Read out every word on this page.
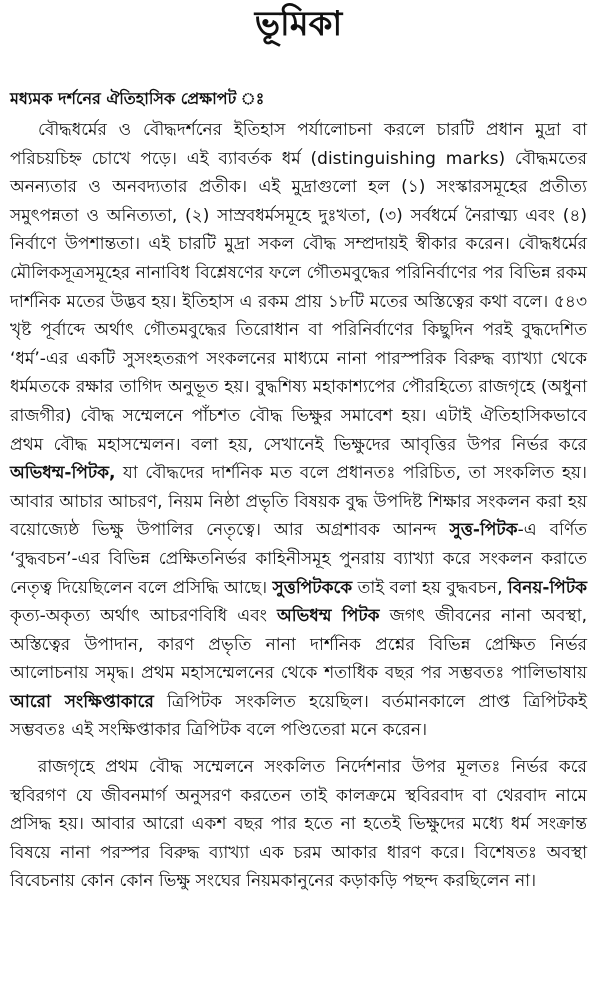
ভূমিকা
মধ্যমক দর্শনের ঐতিহাসিক প্রেক্ষাপট ঃ

বৌদ্ধধর্মের ও বৌদ্ধদর্শনের ইতিহাস পর্যালোচনা করলে চারটি প্রধান মুদ্রা বা পরিচয়চিহ্ন চোখে পড়ে। এই ব্যাবর্তক ধর্ম (distinguishing marks) বৌদ্ধমতের অনন্যতার ও অনবদ্যতার প্রতীক। এই মুদ্রাগুলো হল (১) সংস্কারসমূহের প্রতীত্য সমুৎপন্নতা ও অনিত্যতা, (২) সাস্রবধর্মসমূহে দুঃখতা, (৩) সর্বধর্মে নৈরাত্ম্য এবং (৪) নির্বাণে উপশান্ততা। এই চারটি মুদ্রা সকল বৌদ্ধ সম্প্রদায়ই স্বীকার করেন। বৌদ্ধধর্মের মৌলিকসূত্রসমূহের নানাবিধ বিশ্লেষণের ফলে গৌতমবুদ্ধের পরিনির্বাণের পর বিভিন্ন রকম দার্শনিক মতের উদ্ভব হয়। ইতিহাস এ রকম প্রায় ১৮টি মতের অস্তিত্বের কথা বলে। ৫৪৩ খৃষ্ট পূর্বাব্দে অর্থাৎ গৌতমবুদ্ধের তিরোধান বা পরিনির্বাণের কিছুদিন পরই বুদ্ধদেশিত ‘ধর্ম’-এর একটি সুসংহতরূপ সংকলনের মাধ্যমে নানা পারস্পরিক বিরুদ্ধ ব্যাখ্যা থেকে ধর্মমতকে রক্ষার তাগিদ অনুভূত হয়। বুদ্ধশিষ্য মহাকাশ্যপের পৌরহিত্যে রাজগৃহে (অধুনা রাজগীর) বৌদ্ধ সম্মেলনে পাঁচশত বৌদ্ধ ভিক্ষুর সমাবেশ হয়। এটাই ঐতিহাসিকভাবে প্রথম বৌদ্ধ মহাসম্মেলন। বলা হয়, সেখানেই ভিক্ষুদের আবৃত্তির উপর নির্ভর করে অভিধম্ম-পিটক, যা বৌদ্ধদের দার্শনিক মত বলে প্রধানতঃ পরিচিত, তা সংকলিত হয়। আবার আচার আচরণ, নিয়ম নিষ্ঠা প্রভৃতি বিষয়ক বুদ্ধ উপদিষ্ট শিক্ষার সংকলন করা হয় বয়োজ্যেষ্ঠ ভিক্ষু উপালির নেতৃত্বে। আর অগ্রশাবক আনন্দ সুত্ত-পিটক-এ বর্ণিত ‘বুদ্ধবচন’-এর বিভিন্ন প্রেক্ষিতনির্ভর কাহিনীসমূহ পুনরায় ব্যাখ্যা করে সংকলন করাতে নেতৃত্ব দিয়েছিলেন বলে প্রসিদ্ধি আছে। সুত্তপিটককে তাই বলা হয় বুদ্ধবচন, বিনয়-পিটক কৃত্য-অকৃত্য অর্থাৎ আচরণবিধি এবং অভিধম্ম পিটক জগৎ জীবনের নানা অবস্থা, অস্তিত্বের উপাদান, কারণ প্রভৃতি নানা দার্শনিক প্রশ্নের বিভিন্ন প্রেক্ষিত নির্ভর আলোচনায় সমৃদ্ধ। প্রথম মহাসম্মেলনের থেকে শতাধিক বছর পর সম্ভবতঃ পালিভাষায় আরো সংক্ষিপ্তাকারে ত্রিপিটক সংকলিত হয়েছিল। বর্তমানকালে প্রাপ্ত ত্রিপিটকই সম্ভবতঃ এই সংক্ষিপ্তাকার ত্রিপিটক বলে পণ্ডিতেরা মনে করেন।

রাজগৃহে প্রথম বৌদ্ধ সম্মেলনে সংকলিত নির্দেশনার উপর মূলতঃ নির্ভর করে স্থবিরগণ যে জীবনমার্গ অনুসরণ করতেন তাই কালক্রমে স্থবিরবাদ বা থেরবাদ নামে প্রসিদ্ধ হয়। আবার আরো একশ বছর পার হতে না হতেই ভিক্ষুদের মধ্যে ধর্ম সংক্রান্ত বিষয়ে নানা পরস্পর বিরুদ্ধ ব্যাখ্যা এক চরম আকার ধারণ করে। বিশেষতঃ অবস্থা বিবেচনায় কোন কোন ভিক্ষু সংঘের নিয়মকানুনের কড়াকড়ি পছন্দ করছিলেন না।
